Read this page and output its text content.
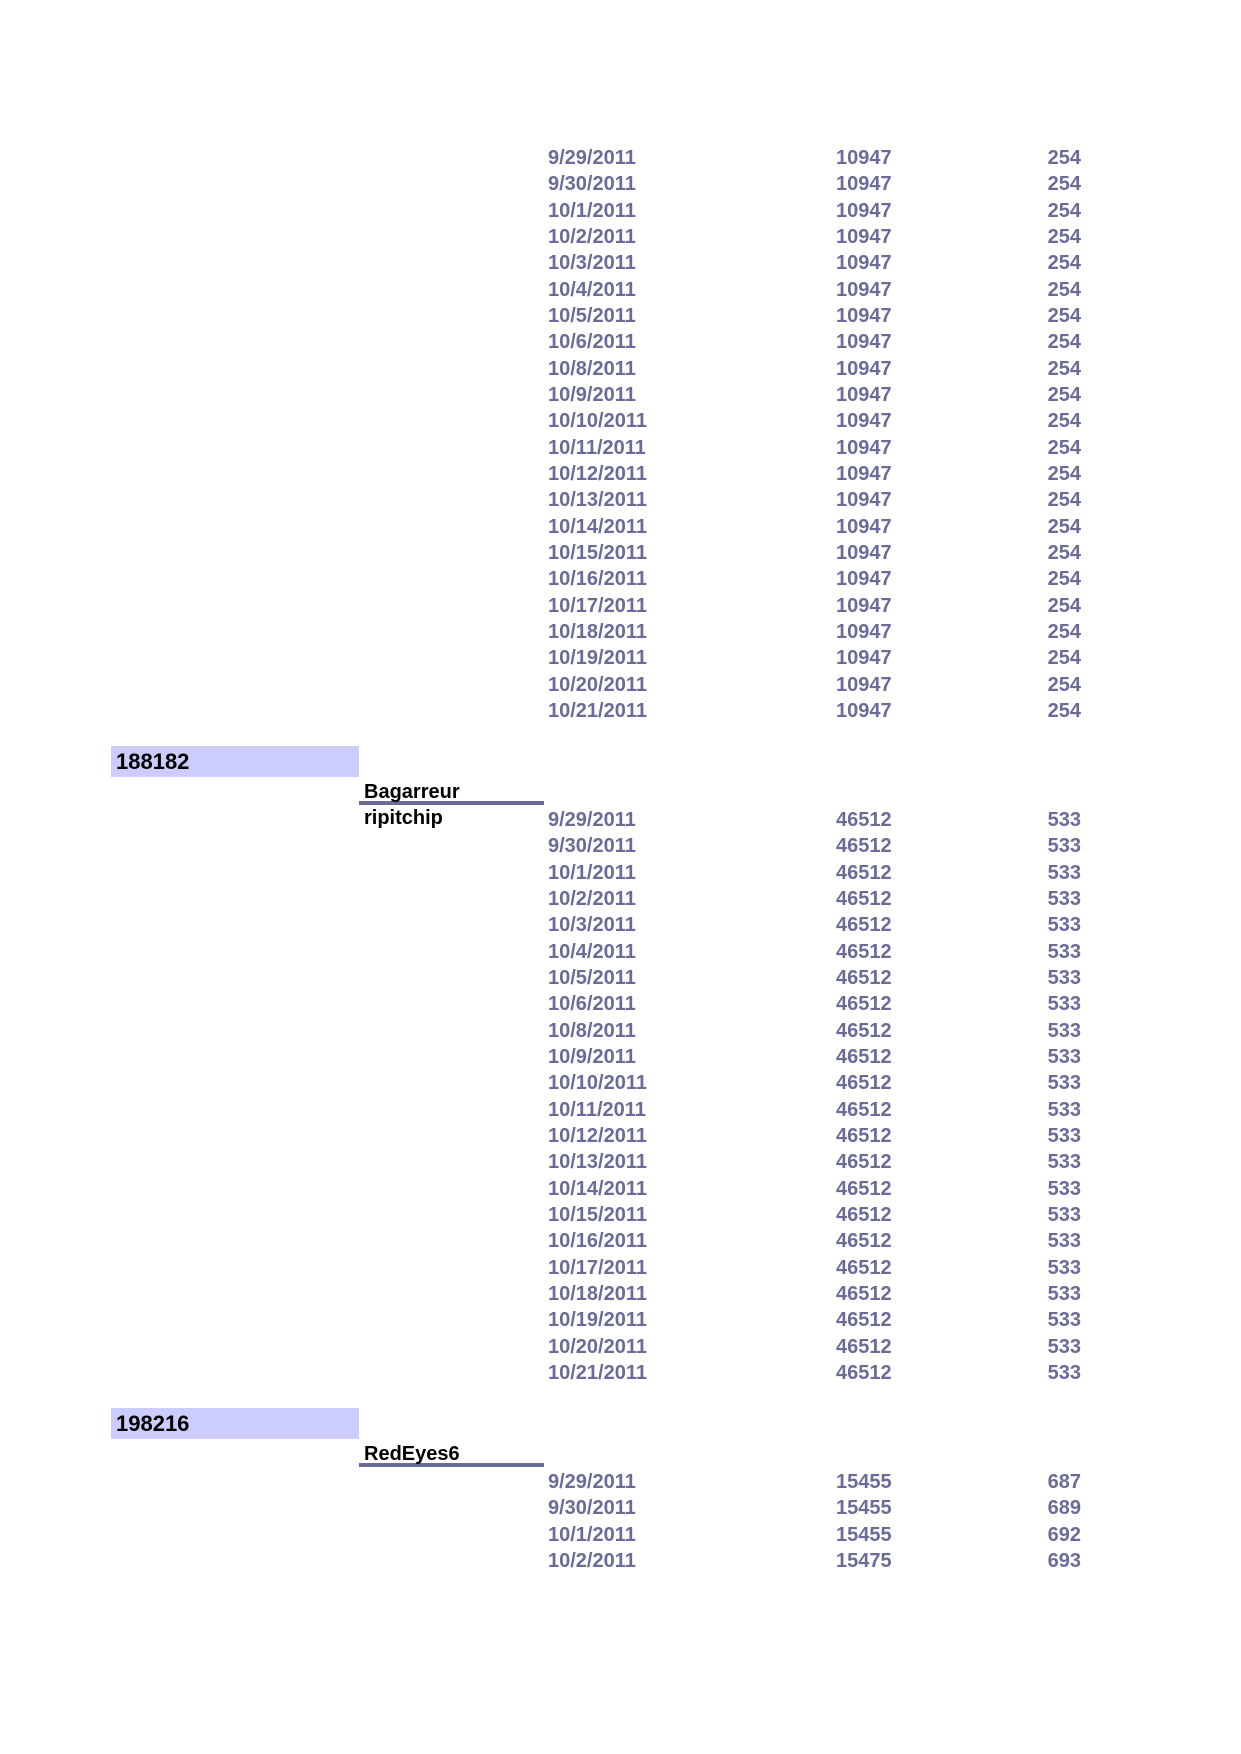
9/29/2011	10947	254
9/30/2011	10947	254
10/1/2011	10947	254
10/2/2011	10947	254
10/3/2011	10947	254
10/4/2011	10947	254
10/5/2011	10947	254
10/6/2011	10947	254
10/8/2011	10947	254
10/9/2011	10947	254
10/10/2011	10947	254
10/11/2011	10947	254
10/12/2011	10947	254
10/13/2011	10947	254
10/14/2011	10947	254
10/15/2011	10947	254
10/16/2011	10947	254
10/17/2011	10947	254
10/18/2011	10947	254
10/19/2011	10947	254
10/20/2011	10947	254
10/21/2011	10947	254
188182
Bagarreur ripitchip	9/29/2011	46512	533
9/30/2011	46512	533
10/1/2011	46512	533
10/2/2011	46512	533
10/3/2011	46512	533
10/4/2011	46512	533
10/5/2011	46512	533
10/6/2011	46512	533
10/8/2011	46512	533
10/9/2011	46512	533
10/10/2011	46512	533
10/11/2011	46512	533
10/12/2011	46512	533
10/13/2011	46512	533
10/14/2011	46512	533
10/15/2011	46512	533
10/16/2011	46512	533
10/17/2011	46512	533
10/18/2011	46512	533
10/19/2011	46512	533
10/20/2011	46512	533
10/21/2011	46512	533
198216
RedEyes6
9/29/2011	15455	687
9/30/2011	15455	689
10/1/2011	15455	692
10/2/2011	15475	693
